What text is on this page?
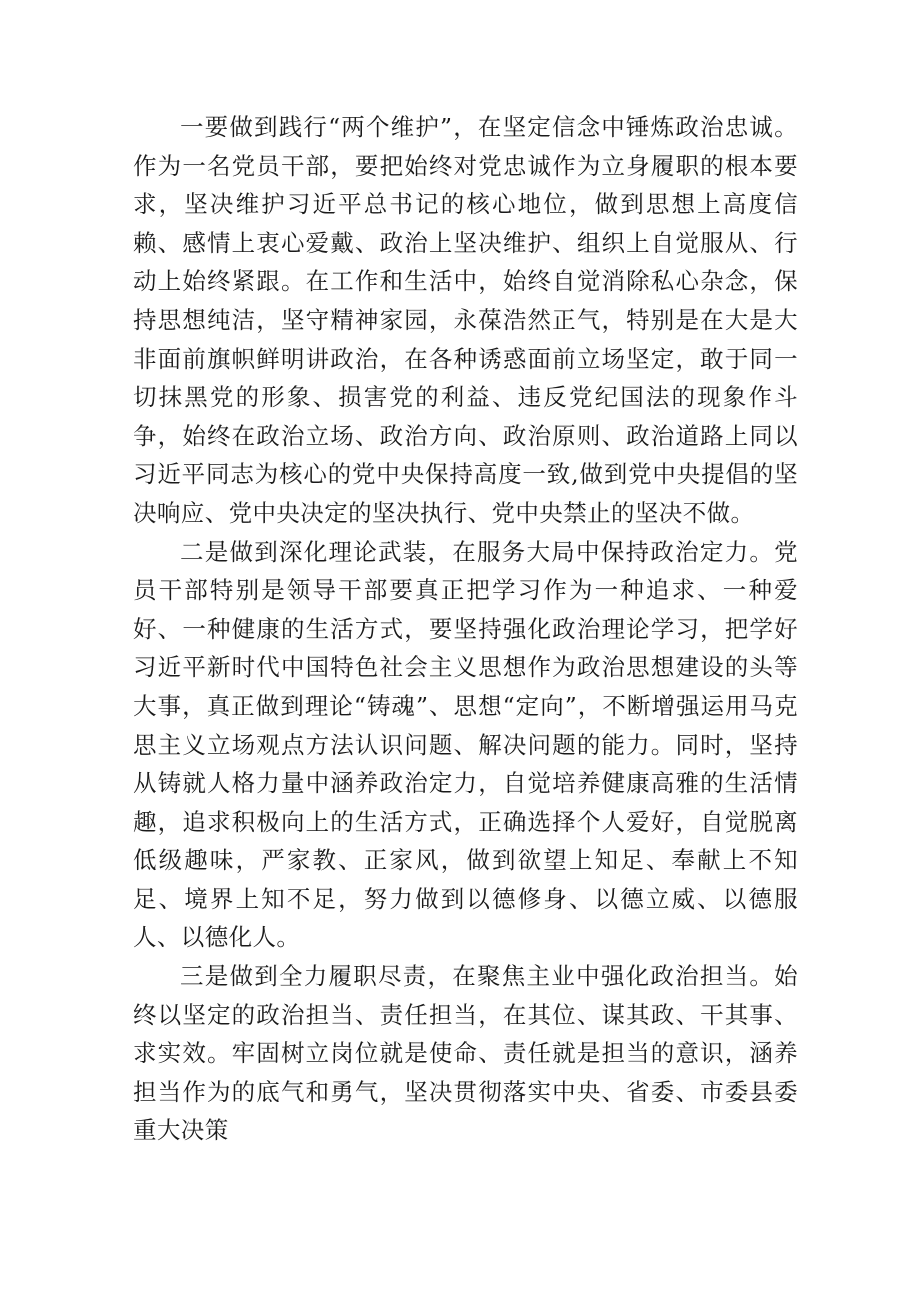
一要做到践行“两个维护”，在坚定信念中锤炼政治忠诚。作为一名党员干部，要把始终对党忠诚作为立身履职的根本要求，坚决维护习近平总书记的核心地位，做到思想上高度信赖、感情上衷心爱戴、政治上坚决维护、组织上自觉服从、行动上始终紧跟。在工作和生活中，始终自觉消除私心杂念，保持思想纯洁，坚守精神家园，永葆浩然正气，特别是在大是大非面前旗帜鲜明讲政治，在各种诱惑面前立场坚定，敢于同一切抹黑党的形象、损害党的利益、违反党纪国法的现象作斗争，始终在政治立场、政治方向、政治原则、政治道路上同以习近平同志为核心的党中央保持高度一致,做到党中央提倡的坚决响应、党中央决定的坚决执行、党中央禁止的坚决不做。

二是做到深化理论武装，在服务大局中保持政治定力。党员干部特别是领导干部要真正把学习作为一种追求、一种爱好、一种健康的生活方式，要坚持强化政治理论学习，把学好习近平新时代中国特色社会主义思想作为政治思想建设的头等大事，真正做到理论“铸魂”、思想“定向”，不断增强运用马克思主义立场观点方法认识问题、解决问题的能力。同时，坚持从铸就人格力量中涵养政治定力，自觉培养健康高雅的生活情趣，追求积极向上的生活方式，正确选择个人爱好，自觉脱离低级趣味，严家教、正家风，做到欲望上知足、奉献上不知足、境界上知不足，努力做到以德修身、以德立威、以德服人、以德化人。

三是做到全力履职尽责，在聚焦主业中强化政治担当。始终以坚定的政治担当、责任担当，在其位、谋其政、干其事、求实效。牢固树立岗位就是使命、责任就是担当的意识，涵养担当作为的底气和勇气，坚决贯彻落实中央、省委、市委县委重大决策
